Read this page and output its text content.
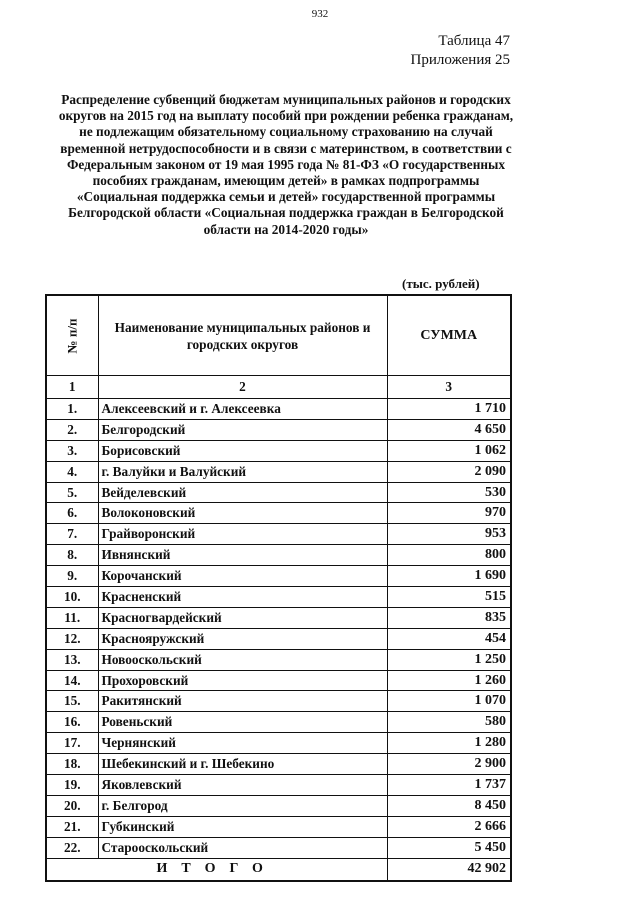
932
Таблица 47
Приложения 25
Распределение субвенций бюджетам муниципальных районов и городских округов на 2015 год на выплату пособий при рождении ребенка гражданам, не подлежащим обязательному социальному страхованию на случай временной нетрудоспособности и в связи с материнством, в соответствии с Федеральным законом от 19 мая 1995 года № 81-ФЗ «О государственных пособиях гражданам, имеющим детей» в рамках подпрограммы «Социальная поддержка семьи и детей» государственной программы Белгородской области «Социальная поддержка граждан в Белгородской области на 2014-2020 годы»
(тыс. рублей)
№ п/п	Наименование муниципальных районов и городских округов	СУММА
1	2	3
1.	Алексеевский и г. Алексеевка	1 710
2.	Белгородский	4 650
3.	Борисовский	1 062
4.	г. Валуйки и Валуйский	2 090
5.	Вейделевский	530
6.	Волоконовский	970
7.	Грайворонский	953
8.	Ивнянский	800
9.	Корочанский	1 690
10.	Красненский	515
11.	Красногвардейский	835
12.	Краснояружский	454
13.	Новооскольский	1 250
14.	Прохоровский	1 260
15.	Ракитянский	1 070
16.	Ровеньский	580
17.	Чернянский	1 280
18.	Шебекинский и г. Шебекино	2 900
19.	Яковлевский	1 737
20.	г. Белгород	8 450
21.	Губкинский	2 666
22.	Старооскольский	5 450
ИТОГО		42 902
